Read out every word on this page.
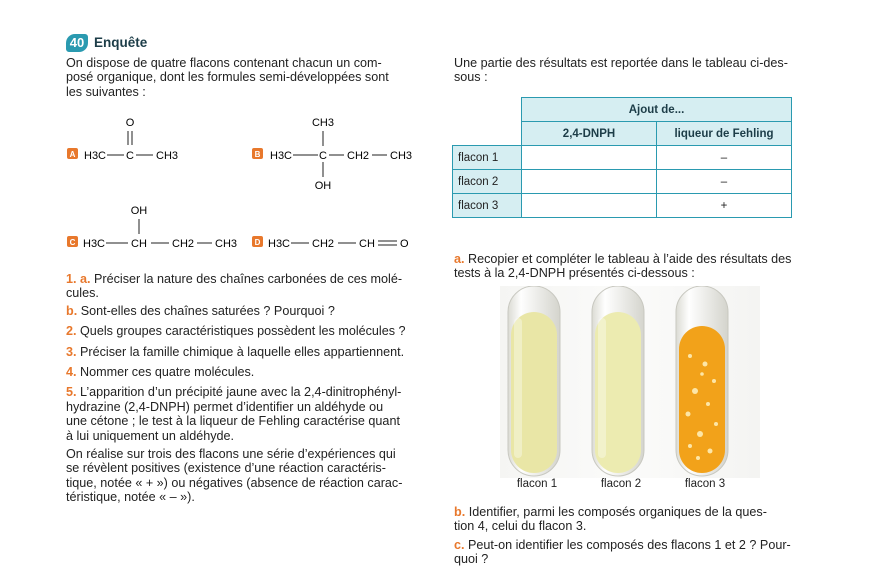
40 Enquête
On dispose de quatre flacons contenant chacun un com-
posé organique, dont les formules semi-développées sont
les suivantes :
A
O
H3C C CH3	B
CH3
H3C C CH2 CH3
OH
C
OH
H3C CH CH2 CH3 D H3C CH2 CH O
1. a. Préciser la nature des chaînes carbonées de ces molé-
cules.
b. Sont-elles des chaînes saturées ? Pourquoi ?
2. Quels groupes caractéristiques possèdent les molécules ?
3. Préciser la famille chimique à laquelle elles appartiennent.
4. Nommer ces quatre molécules.
5. L’apparition d’un précipité jaune avec la 2,4-dinitrophényl-
hydrazine (2,4-DNPH) permet d’identifier un aldéhyde ou
une cétone ; le test à la liqueur de Fehling caractérise quant
à lui uniquement un aldéhyde.
On réalise sur trois des flacons une série d’expériences qui
se révèlent positives (existence d’une réaction caractéris-
tique, notée « + ») ou négatives (absence de réaction carac-
téristique, notée « – »).
Une partie des résultats est reportée dans le tableau ci-des-
sous :
	Ajout de...	
	2,4-DNPH	liqueur de Fehling
flacon 1		–
flacon 2		–
flacon 3		+
a. Recopier et compléter le tableau à l’aide des résultats des
tests à la 2,4-DNPH présentés ci-dessous :
flacon 1	flacon 2	flacon 3
b. Identifier, parmi les composés organiques de la ques-
tion 4, celui du flacon 3.
c. Peut-on identifier les composés des flacons 1 et 2 ? Pour-
quoi ?
